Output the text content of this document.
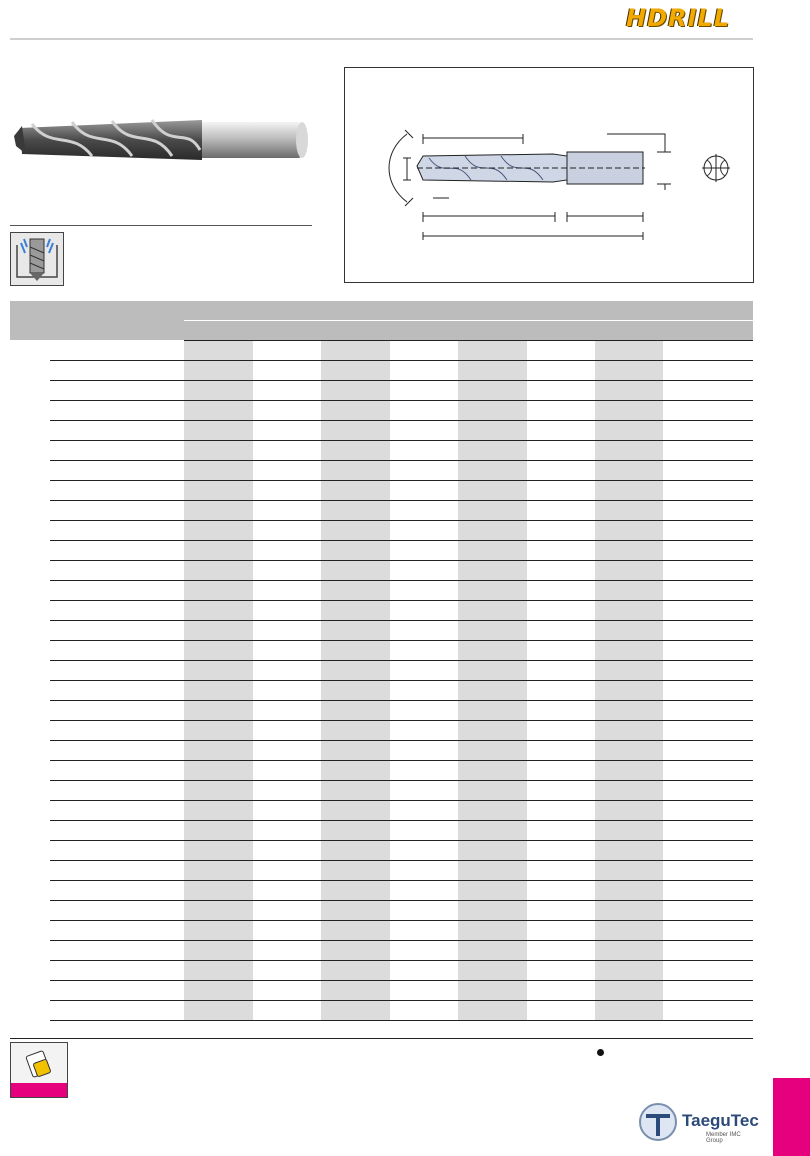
HDRILL

TaeguTec
Member IMC Group
